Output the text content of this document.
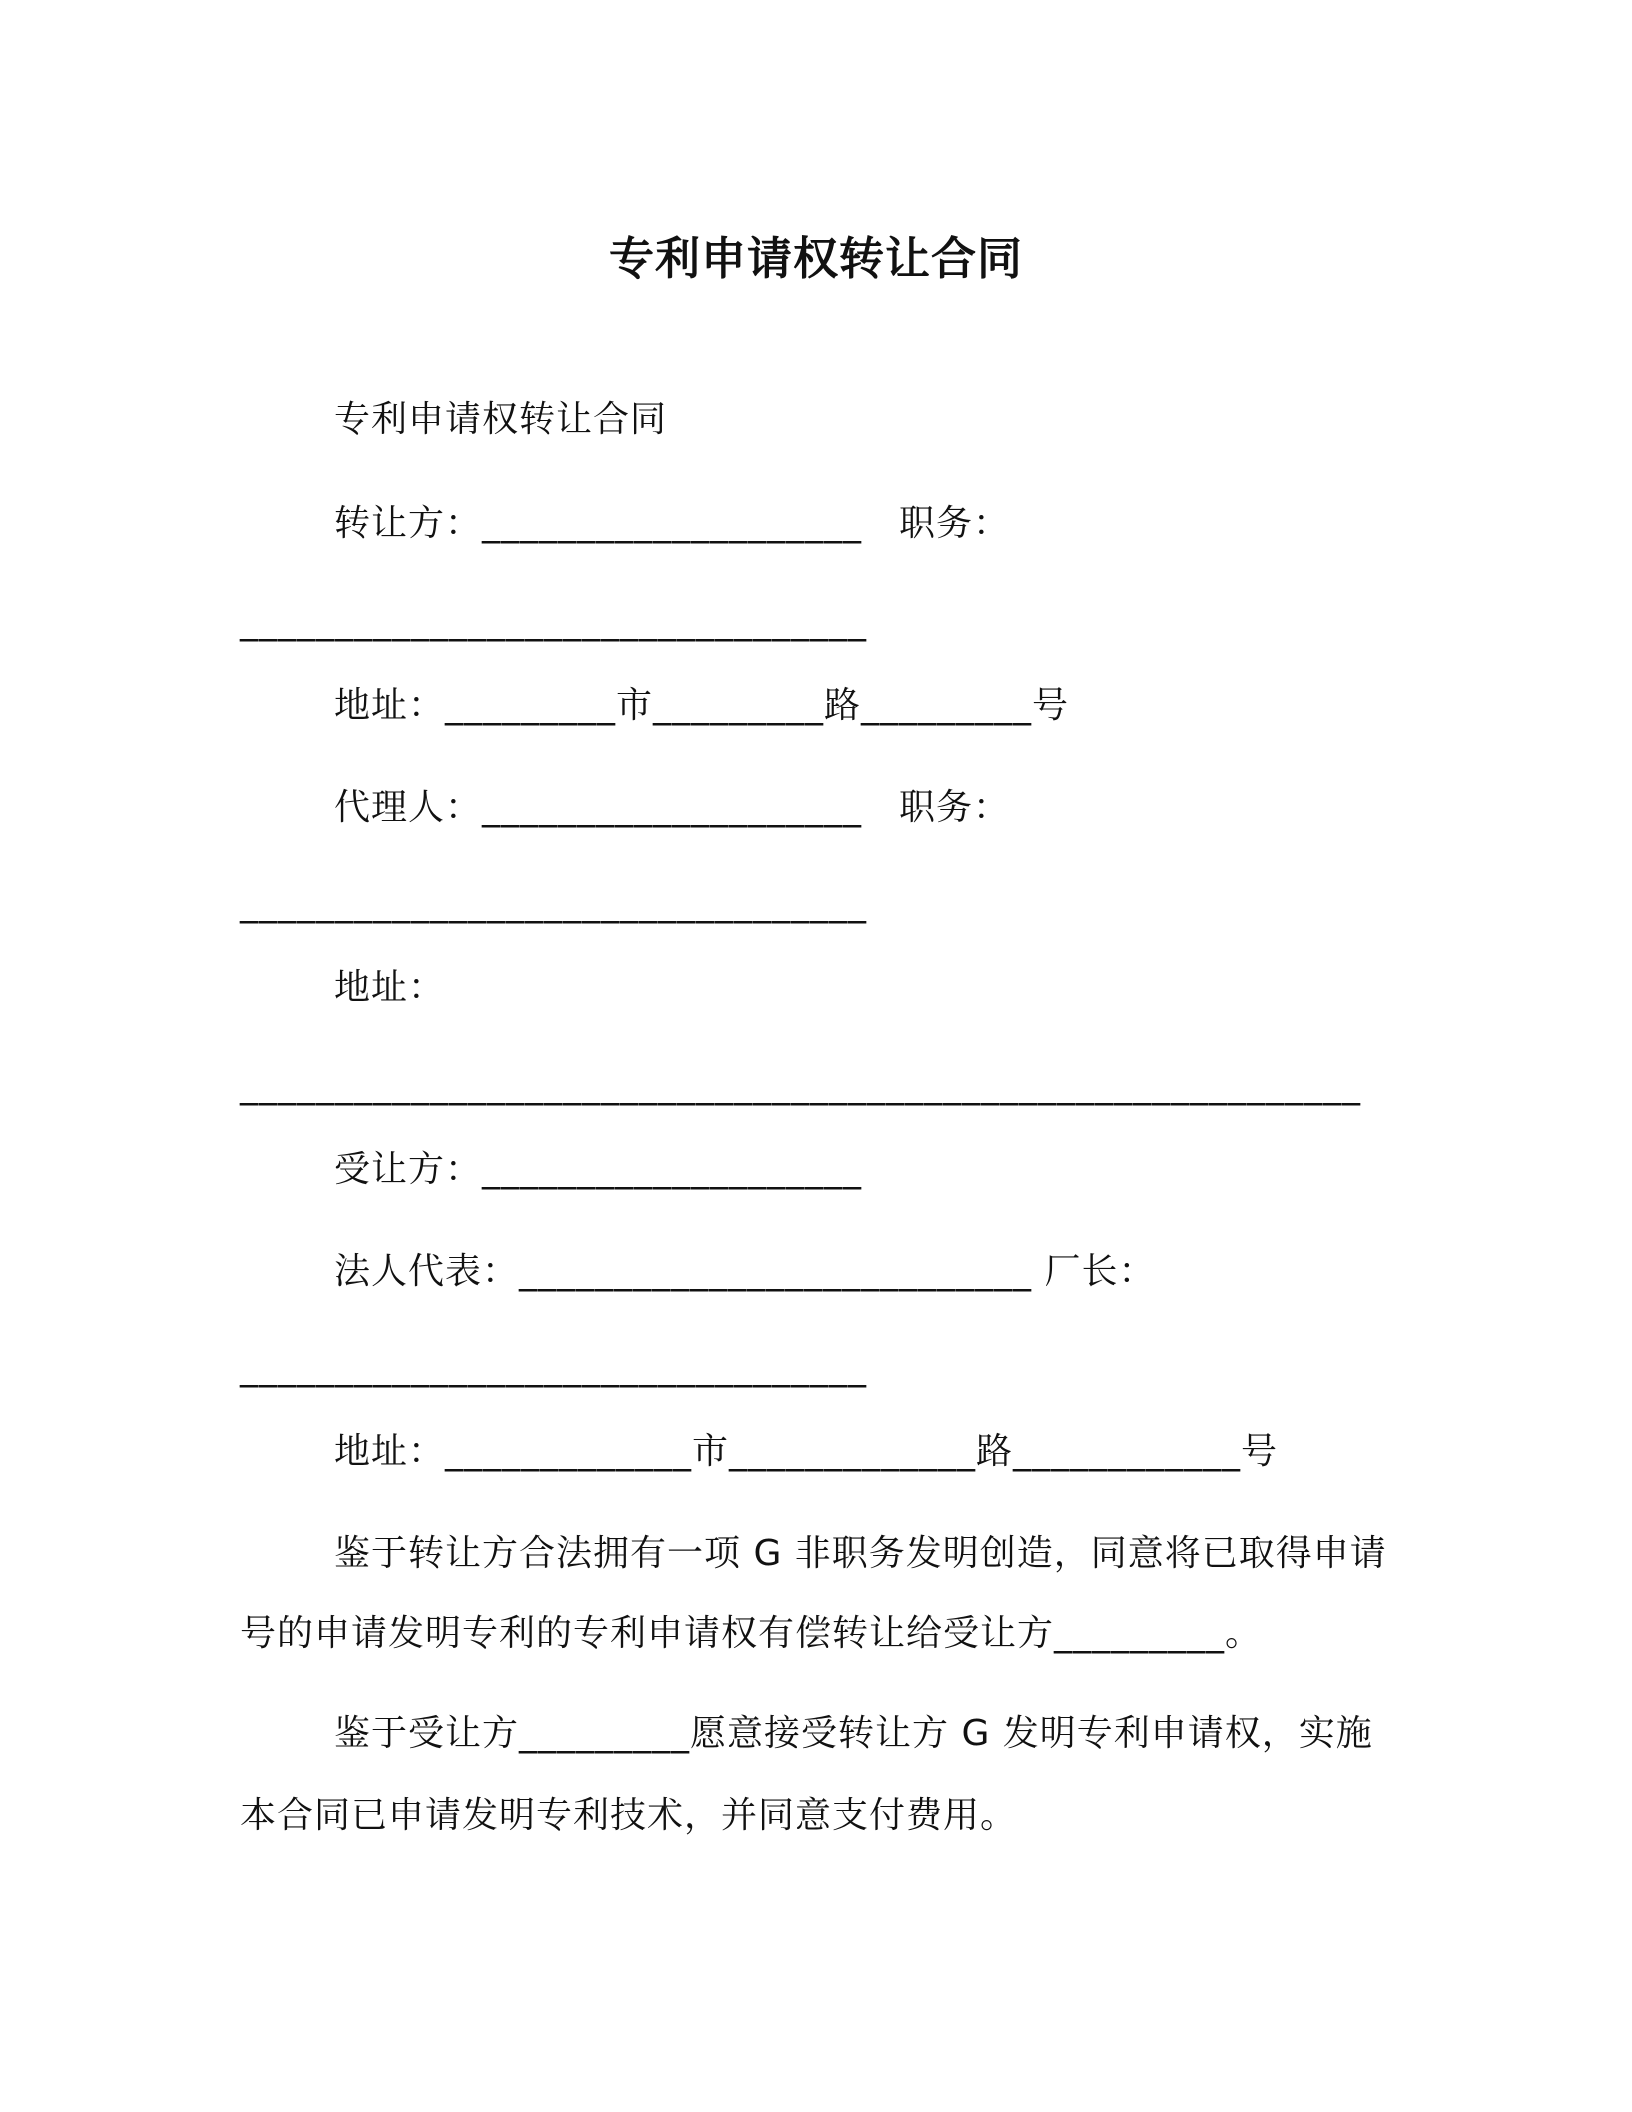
专利申请权转让合同
专利申请权转让合同
转让方：____________________　职务：
_________________________________
地址：_________市_________路_________号
代理人：____________________　职务：
_________________________________
地址：
___________________________________________________________
受让方：____________________
法人代表：___________________________ 厂长：
_________________________________
地址：_____________市_____________路____________号
鉴于转让方合法拥有一项 G 非职务发明创造，同意将已取得申请
号的申请发明专利的专利申请权有偿转让给受让方_________。
鉴于受让方_________愿意接受转让方 G 发明专利申请权，实施
本合同已申请发明专利技术，并同意支付费用。
